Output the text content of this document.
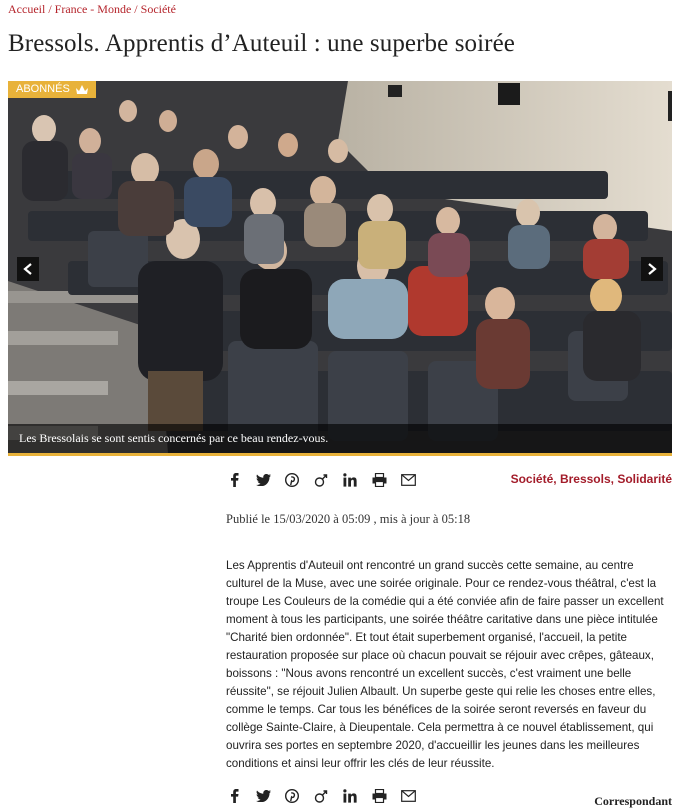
Accueil / France - Monde / Société
Bressols. Apprentis d’Auteuil : une superbe soirée
ABONNÉS
Les Bressolais se sont sentis concernés par ce beau rendez-vous.
Société, Bressols, Solidarité
Publié le 15/03/2020 à 05:09 , mis à jour à 05:18

Les Apprentis d'Auteuil ont rencontré un grand succès cette semaine, au centre culturel de la Muse, avec une soirée originale. Pour ce rendez-vous théâtral, c'est la troupe Les Couleurs de la comédie qui a été conviée afin de faire passer un excellent moment à tous les participants, une soirée théâtre caritative dans une pièce intitulée "Charité bien ordonnée". Et tout était superbement organisé, l'accueil, la petite restauration proposée sur place où chacun pouvait se réjouir avec crêpes, gâteaux, boissons : "Nous avons rencontré un excellent succès, c'est vraiment une belle réussite", se réjouit Julien Albault. Un superbe geste qui relie les choses entre elles, comme le temps. Car tous les bénéfices de la soirée seront reversés en faveur du collège Sainte-Claire, à Dieupentale. Cela permettra à ce nouvel établissement, qui ouvrira ses portes en septembre 2020, d'accueillir les jeunes dans les meilleures conditions et ainsi leur offrir les clés de leur réussite.

Correspondant
